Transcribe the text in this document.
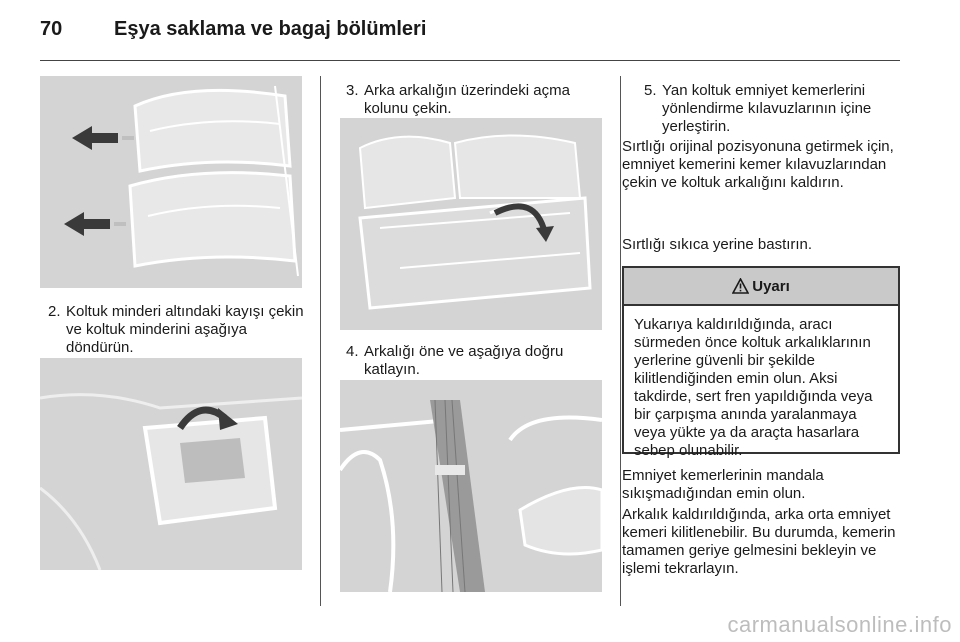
70	Eşya saklama ve bagaj bölümleri
2. Koltuk minderi altındaki kayışı çekin ve koltuk minderini aşağıya döndürün.
3. Arka arkalığın üzerindeki açma kolunu çekin.
4. Arkalığı öne ve aşağıya doğru katlayın.
5. Yan koltuk emniyet kemerlerini yönlendirme kılavuzlarının içine yerleştirin.
Sırtlığı orijinal pozisyonuna getirmek için, emniyet kemerini kemer kılavuzlarından çekin ve koltuk arkalığını kaldırın.
Sırtlığı sıkıca yerine bastırın.
Uyarı
Yukarıya kaldırıldığında, aracı sürmeden önce koltuk arkalıklarının yerlerine güvenli bir şekilde kilitlendiğinden emin olun. Aksi takdirde, sert fren yapıldığında veya bir çarpışma anında yaralanmaya veya yükte ya da araçta hasarlara sebep olunabilir.
Emniyet kemerlerinin mandala sıkışmadığından emin olun.
Arkalık kaldırıldığında, arka orta emniyet kemeri kilitlenebilir. Bu durumda, kemerin tamamen geriye gelmesini bekleyin ve işlemi tekrarlayın.
carmanualsonline.info
